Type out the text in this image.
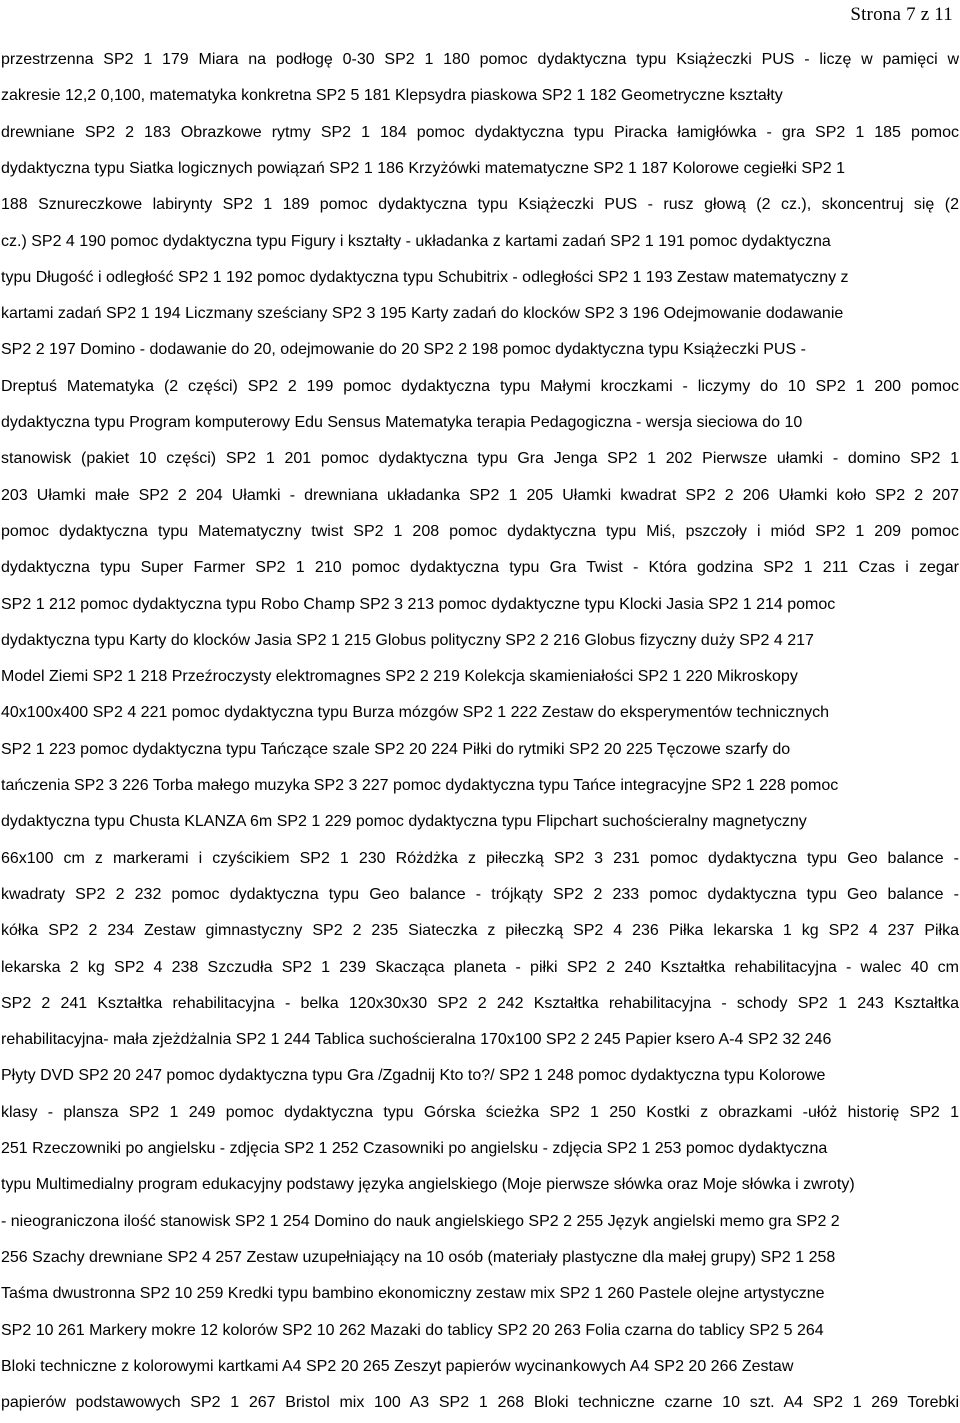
Strona 7 z 11
przestrzenna SP2 1 179 Miara na podłogę 0-30 SP2 1 180 pomoc dydaktyczna typu Książeczki PUS - liczę w pamięci w
zakresie 12,2 0,100, matematyka konkretna SP2 5 181 Klepsydra piaskowa SP2 1 182 Geometryczne kształty
drewniane SP2 2 183 Obrazkowe rytmy SP2 1 184 pomoc dydaktyczna typu Piracka łamigłówka - gra SP2 1 185 pomoc
dydaktyczna typu Siatka logicznych powiązań SP2 1 186 Krzyżówki matematyczne SP2 1 187 Kolorowe cegiełki SP2 1
188 Sznureczkowe labirynty SP2 1 189 pomoc dydaktyczna typu Książeczki PUS - rusz głową (2 cz.), skoncentruj się (2
cz.) SP2 4 190 pomoc dydaktyczna typu Figury i kształty - układanka z kartami zadań SP2 1 191 pomoc dydaktyczna
typu Długość i odległość SP2 1 192 pomoc dydaktyczna typu Schubitrix - odległości SP2 1 193 Zestaw matematyczny z
kartami zadań SP2 1 194 Liczmany sześciany SP2 3 195 Karty zadań do klocków SP2 3 196 Odejmowanie dodawanie
SP2 2 197 Domino - dodawanie do 20, odejmowanie do 20 SP2 2 198 pomoc dydaktyczna typu Książeczki PUS -
Dreptuś Matematyka (2 części) SP2 2 199 pomoc dydaktyczna typu Małymi kroczkami - liczymy do 10 SP2 1 200 pomoc
dydaktyczna typu Program komputerowy Edu Sensus Matematyka terapia Pedagogiczna - wersja sieciowa do 10
stanowisk (pakiet 10 części) SP2 1 201 pomoc dydaktyczna typu Gra Jenga SP2 1 202 Pierwsze ułamki - domino SP2 1
203 Ułamki małe SP2 2 204 Ułamki - drewniana układanka SP2 1 205 Ułamki kwadrat SP2 2 206 Ułamki koło SP2 2 207
pomoc dydaktyczna typu Matematyczny twist SP2 1 208 pomoc dydaktyczna typu Miś, pszczoły i miód SP2 1 209 pomoc
dydaktyczna typu Super Farmer SP2 1 210 pomoc dydaktyczna typu Gra Twist - Która godzina SP2 1 211 Czas i zegar
SP2 1 212 pomoc dydaktyczna typu Robo Champ SP2 3 213 pomoc dydaktyczne typu Klocki Jasia SP2 1 214 pomoc
dydaktyczna typu Karty do klocków Jasia SP2 1 215 Globus polityczny SP2 2 216 Globus fizyczny duży SP2 4 217
Model Ziemi SP2 1 218 Przeźroczysty elektromagnes SP2 2 219 Kolekcja skamieniałości SP2 1 220 Mikroskopy
40x100x400 SP2 4 221 pomoc dydaktyczna typu Burza mózgów SP2 1 222 Zestaw do eksperymentów technicznych
SP2 1 223 pomoc dydaktyczna typu Tańczące szale SP2 20 224 Piłki do rytmiki SP2 20 225 Tęczowe szarfy do
tańczenia SP2 3 226 Torba małego muzyka SP2 3 227 pomoc dydaktyczna typu Tańce integracyjne SP2 1 228 pomoc
dydaktyczna typu Chusta KLANZA 6m SP2 1 229 pomoc dydaktyczna typu Flipchart suchościeralny magnetyczny
66x100 cm z markerami i czyścikiem SP2 1 230 Różdżka z piłeczką SP2 3 231 pomoc dydaktyczna typu Geo balance -
kwadraty SP2 2 232 pomoc dydaktyczna typu Geo balance - trójkąty SP2 2 233 pomoc dydaktyczna typu Geo balance -
kółka SP2 2 234 Zestaw gimnastyczny SP2 2 235 Siateczka z piłeczką SP2 4 236 Piłka lekarska 1 kg SP2 4 237 Piłka
lekarska 2 kg SP2 4 238 Szczudła SP2 1 239 Skacząca planeta - piłki SP2 2 240 Kształtka rehabilitacyjna - walec 40 cm
SP2 2 241 Kształtka rehabilitacyjna - belka 120x30x30 SP2 2 242 Kształtka rehabilitacyjna - schody SP2 1 243 Kształtka
rehabilitacyjna- mała zjeżdżalnia SP2 1 244 Tablica suchościeralna 170x100 SP2 2 245 Papier ksero A-4 SP2 32 246
Płyty DVD SP2 20 247 pomoc dydaktyczna typu Gra /Zgadnij Kto to?/ SP2 1 248 pomoc dydaktyczna typu Kolorowe
klasy - plansza SP2 1 249 pomoc dydaktyczna typu Górska ścieżka SP2 1 250 Kostki z obrazkami -ułóż historię SP2 1
251 Rzeczowniki po angielsku - zdjęcia SP2 1 252 Czasowniki po angielsku - zdjęcia SP2 1 253 pomoc dydaktyczna
typu Multimedialny program edukacyjny podstawy języka angielskiego (Moje pierwsze słówka oraz Moje słówka i zwroty)
- nieograniczona ilość stanowisk SP2 1 254 Domino do nauk angielskiego SP2 2 255 Język angielski memo gra SP2 2
256 Szachy drewniane SP2 4 257 Zestaw uzupełniający na 10 osób (materiały plastyczne dla małej grupy) SP2 1 258
Taśma dwustronna SP2 10 259 Kredki typu bambino ekonomiczny zestaw mix SP2 1 260 Pastele olejne artystyczne
SP2 10 261 Markery mokre 12 kolorów SP2 10 262 Mazaki do tablicy SP2 20 263 Folia czarna do tablicy SP2 5 264
Bloki techniczne z kolorowymi kartkami A4 SP2 20 265 Zeszyt papierów wycinankowych A4 SP2 20 266 Zestaw
papierów podstawowych SP2 1 267 Bristol mix 100 A3 SP2 1 268 Bloki techniczne czarne 10 szt. A4 SP2 1 269 Torebki
